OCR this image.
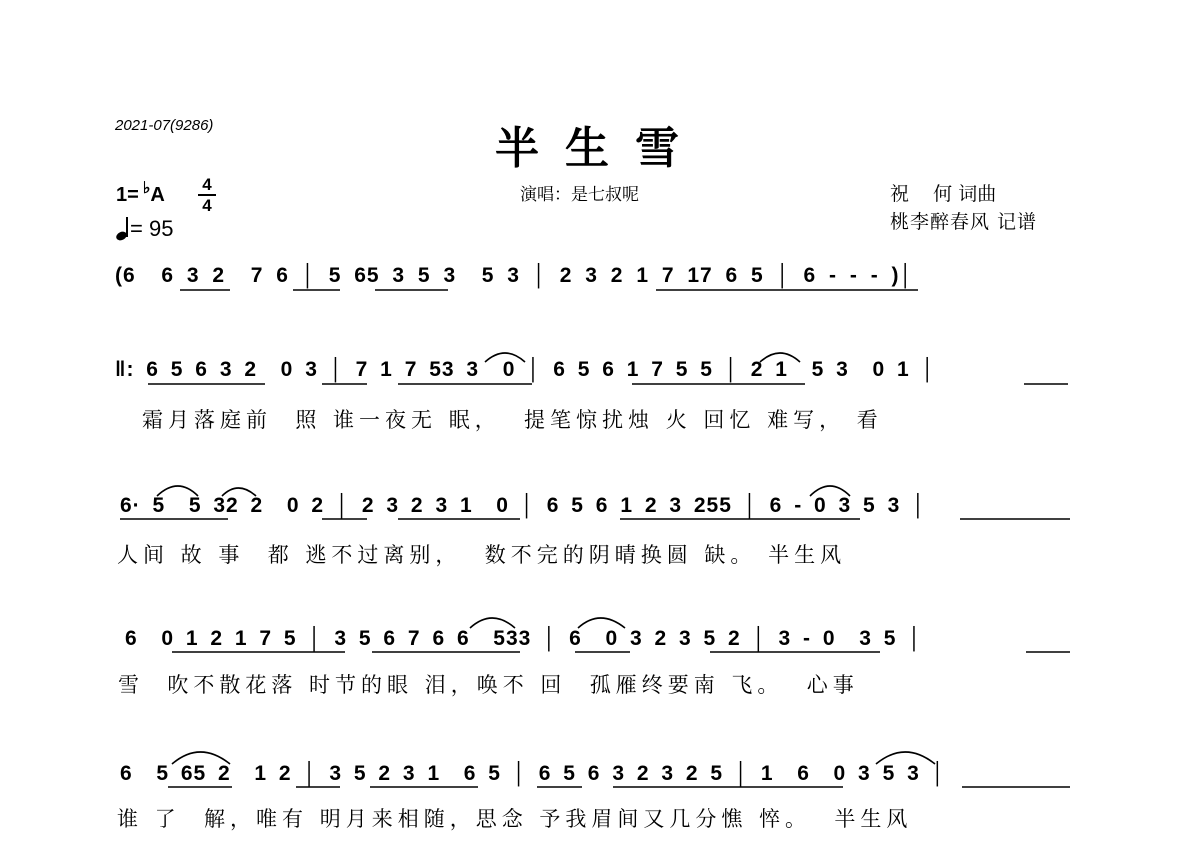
2021-07(9286)	半生雪
1= ♭A 4
4
= 95
演唱：是七叔呢	祝    何 词曲
桃李醉春风 记谱
(6  6 3 2  7 6 │ 5 65 3 5 3  5 3 │ 2 3 2 1 7 17 6 5 │ 6 - - - )│
‖: 6 5 6 3 2  0 3 │ 7 1 7 53 3  0 │ 6 5 6 1 7 5 5 │ 2 1  5 3  0 1 │
霜月落庭前  照 谁一夜无 眠，  提笔惊扰烛 火 回忆 难写， 看
6· 5  5 32 2  0 2 │ 2 3 2 3 1  0 │ 6 5 6 1 2 3 255 │ 6 - 0 3 5 3 │
人间 故 事  都 逃不过离别，  数不完的阴晴换圆 缺。 半生风
6  0 1 2 1 7 5 │ 3 5 6 7 6 6  533 │ 6  0 3 2 3 5 2 │ 3 - 0  3 5 │
雪  吹不散花落 时节的眼 泪，唤不 回  孤雁终要南 飞。  心事
6  5 65 2  1 2 │ 3 5 2 3 1  6 5 │ 6 5 6 3 2 3 2 5 │ 1  6  0 3 5 3 │
谁 了  解，唯有 明月来相随，思念 予我眉间又几分憔 悴。  半生风
